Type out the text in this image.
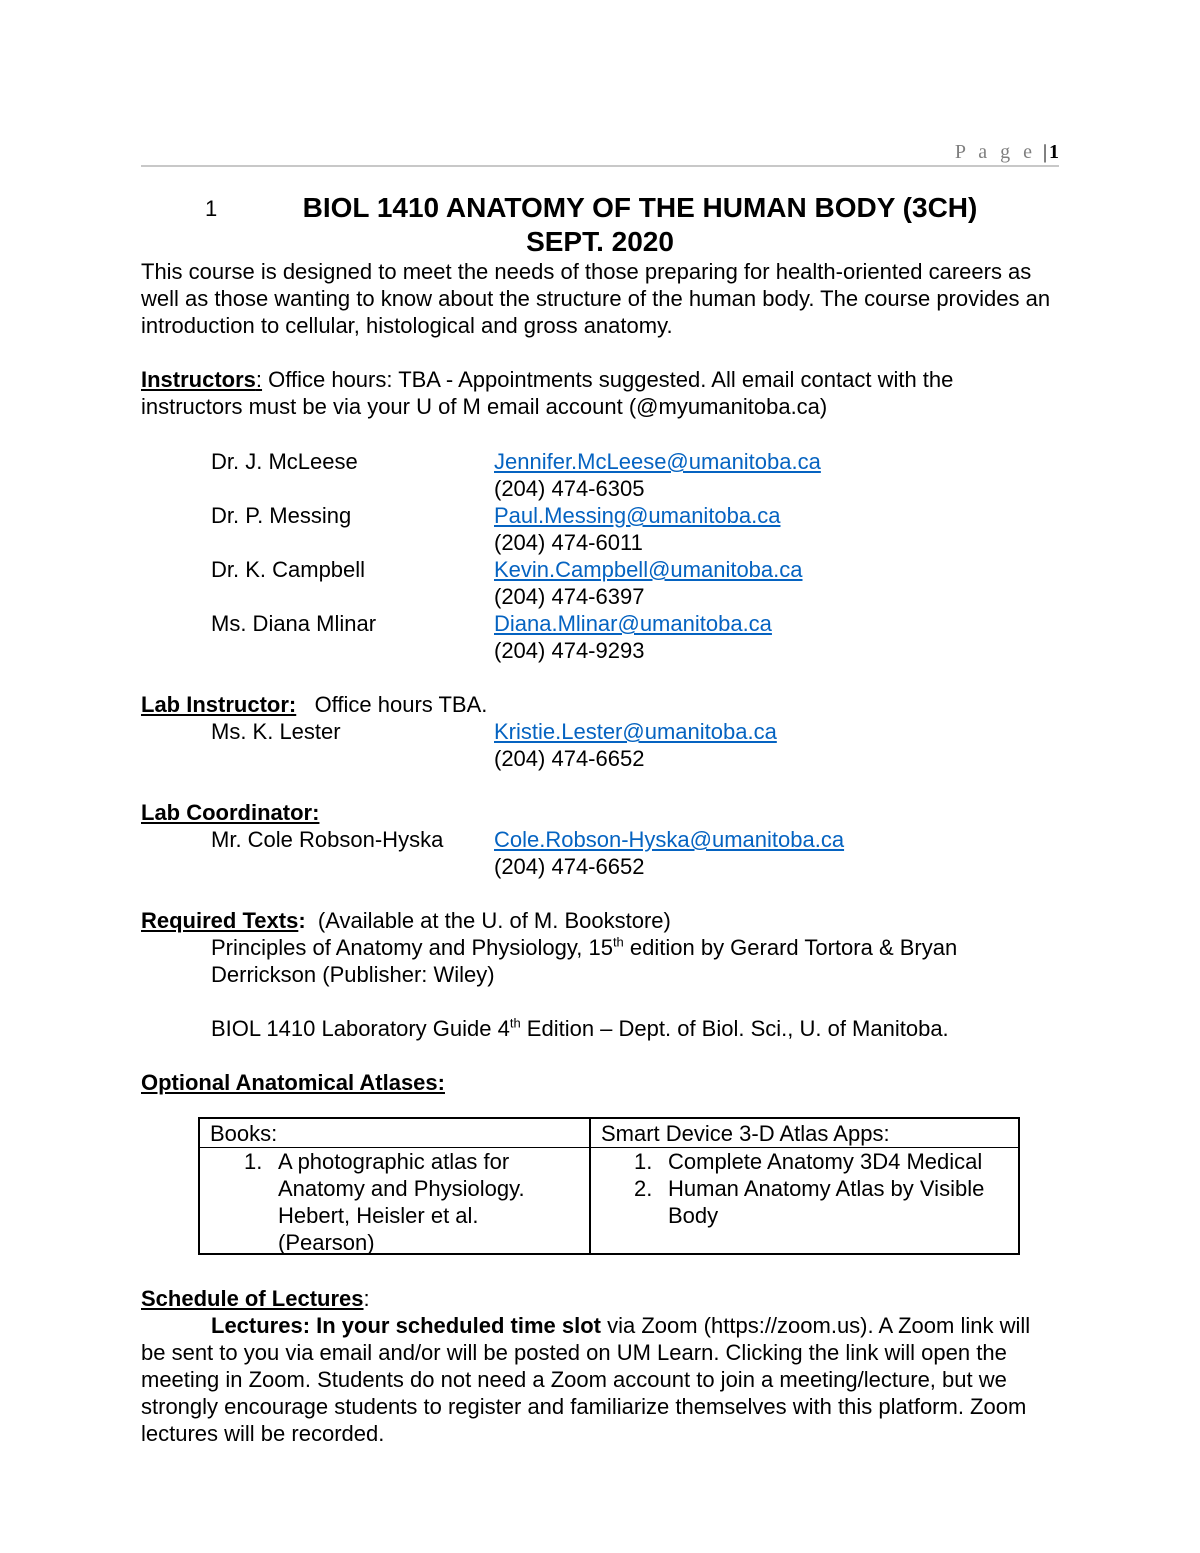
P a g e | 1
1	BIOL 1410 ANATOMY OF THE HUMAN BODY (3CH)
SEPT. 2020
This course is designed to meet the needs of those preparing for health-oriented careers as well as those wanting to know about the structure of the human body. The course provides an introduction to cellular, histological and gross anatomy.
Instructors: Office hours: TBA - Appointments suggested. All email contact with the instructors must be via your U of M email account (@myumanitoba.ca)
Dr. J. McLeese	Jennifer.McLeese@umanitoba.ca
(204) 474-6305
Dr. P. Messing	Paul.Messing@umanitoba.ca
(204) 474-6011
Dr. K. Campbell	Kevin.Campbell@umanitoba.ca
(204) 474-6397
Ms. Diana Mlinar	Diana.Mlinar@umanitoba.ca
(204) 474-9293
Lab Instructor:   Office hours TBA.
Ms. K. Lester	Kristie.Lester@umanitoba.ca
(204) 474-6652
Lab Coordinator:
Mr. Cole Robson-Hyska Cole.Robson-Hyska@umanitoba.ca
(204) 474-6652
Required Texts:  (Available at the U. of M. Bookstore)
Principles of Anatomy and Physiology, 15th edition by Gerard Tortora & Bryan
Derrickson (Publisher: Wiley)
BIOL 1410 Laboratory Guide 4th Edition – Dept. of Biol. Sci., U. of Manitoba.
Optional Anatomical Atlases:
Books:	Smart Device 3-D Atlas Apps:
1. A photographic atlas for
Anatomy and Physiology.
Hebert, Heisler et al.
(Pearson)
1. Complete Anatomy 3D4 Medical
2. Human Anatomy Atlas by Visible
Body
Schedule of Lectures:
Lectures: In your scheduled time slot via Zoom (https://zoom.us). A Zoom link will be sent to you via email and/or will be posted on UM Learn. Clicking the link will open the meeting in Zoom. Students do not need a Zoom account to join a meeting/lecture, but we strongly encourage students to register and familiarize themselves with this platform. Zoom lectures will be recorded.
